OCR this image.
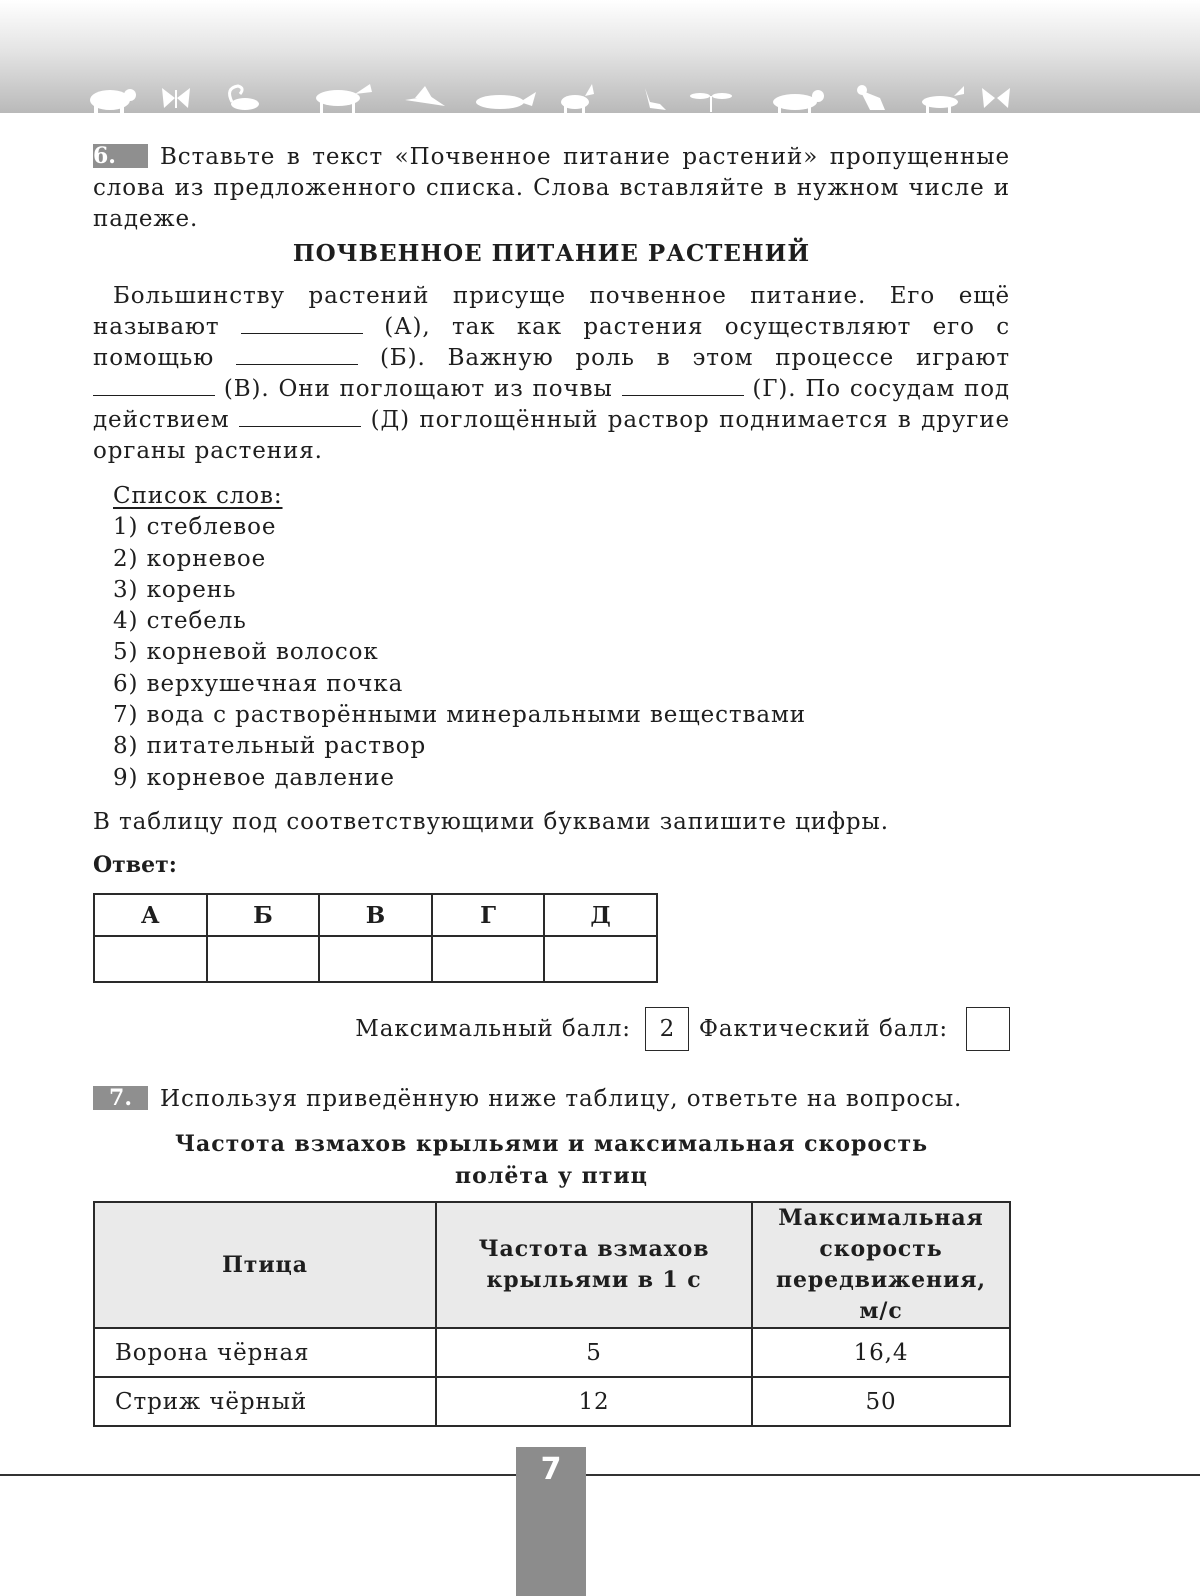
6. Вставьте в текст «Почвенное питание растений» пропущенные слова из предложенного списка. Слова вставляйте в нужном числе и падеже.

ПОЧВЕННОЕ ПИТАНИЕ РАСТЕНИЙ

Большинству растений присуще почвенное питание. Его ещё называют	(А), так как растения осуществляют его с помощью	(Б). Важную роль в этом процессе играют  (В). Они поглощают из почвы	(Г). По сосудам под действием	(Д) поглощённый раствор поднимается в другие органы растения.

Список слов:
1) стеблевое
2) корневое
3) корень
4) стебель
5) корневой волосок
6) верхушечная почка
7) вода с растворёнными минеральными веществами
8) питательный раствор
9) корневое давление

В таблицу под соответствующими буквами запишите цифры.

Ответ:
А	Б	В	Г	Д

Максимальный балл:	2	Фактический балл:

7. Используя приведённую ниже таблицу, ответьте на вопросы.

Частота взмахов крыльями и максимальная скорость
полёта у птиц
Птица	Частота взмахов крыльями в 1 с	Максимальная скорость передвижения, м/с
Ворона чёрная	5	16,4
Стриж чёрный	12	50
7
